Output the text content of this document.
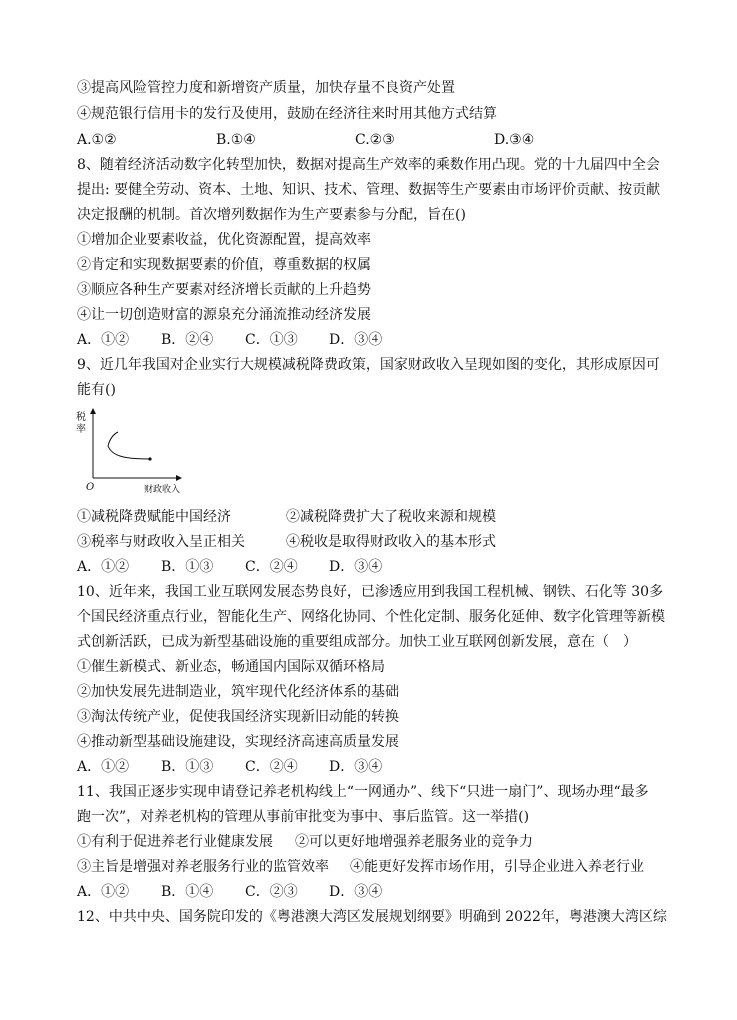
③提高风险管控力度和新增资产质量，加快存量不良资产处置
④规范银行信用卡的发行及使用，鼓励在经济往来时用其他方式结算
A.①②	B.①④	C.②③	D.③④
8、随着经济活动数字化转型加快，数据对提高生产效率的乘数作用凸现。党的十九届四中全会
提出: 要健全劳动、资本、土地、知识、技术、管理、数据等生产要素由市场评价贡献、按贡献
决定报酬的机制。首次增列数据作为生产要素参与分配，旨在()
①增加企业要素收益，优化资源配置，提高效率
②肯定和实现数据要素的价值，尊重数据的权属
③顺应各种生产要素对经济增长贡献的上升趋势
④让一切创造财富的源泉充分涌流推动经济发展
A．①② B．②④ C．①③ D．③④
9、近几年我国对企业实行大规模减税降费政策，国家财政收入呈现如图的变化，其形成原因可
能有()
税
率
O	财政收入
①减税降费赋能中国经济	②减税降费扩大了税收来源和规模
③税率与财政收入呈正相关	④税收是取得财政收入的基本形式
A．①② B．①③ C．②④ D．③④
10、近年来，我国工业互联网发展态势良好，已渗透应用到我国工程机械、钢铁、石化等 30多
个国民经济重点行业，智能化生产、网络化协同、个性化定制、服务化延伸、数字化管理等新模
式创新活跃，已成为新型基础设施的重要组成部分。加快工业互联网创新发展，意在（　）
①催生新模式、新业态，畅通国内国际双循环格局
②加快发展先进制造业，筑牢现代化经济体系的基础
③淘汰传统产业，促使我国经济实现新旧动能的转换
④推动新型基础设施建设，实现经济高速高质量发展
A．①② B．①③ C．②④ D．③④
11、我国正逐步实现申请登记养老机构线上“一网通办”、线下“只进一扇门”、现场办理“最多
跑一次”，对养老机构的管理从事前审批变为事中、事后监管。这一举措()
①有利于促进养老行业健康发展 ②可以更好地增强养老服务业的竞争力
③主旨是增强对养老服务行业的监管效率 ④能更好发挥市场作用，引导企业进入养老行业
A．①② B．①④ C．②③ D．③④
12、中共中央、国务院印发的《粤港澳大湾区发展规划纲要》明确到 2022年，粤港澳大湾区综
